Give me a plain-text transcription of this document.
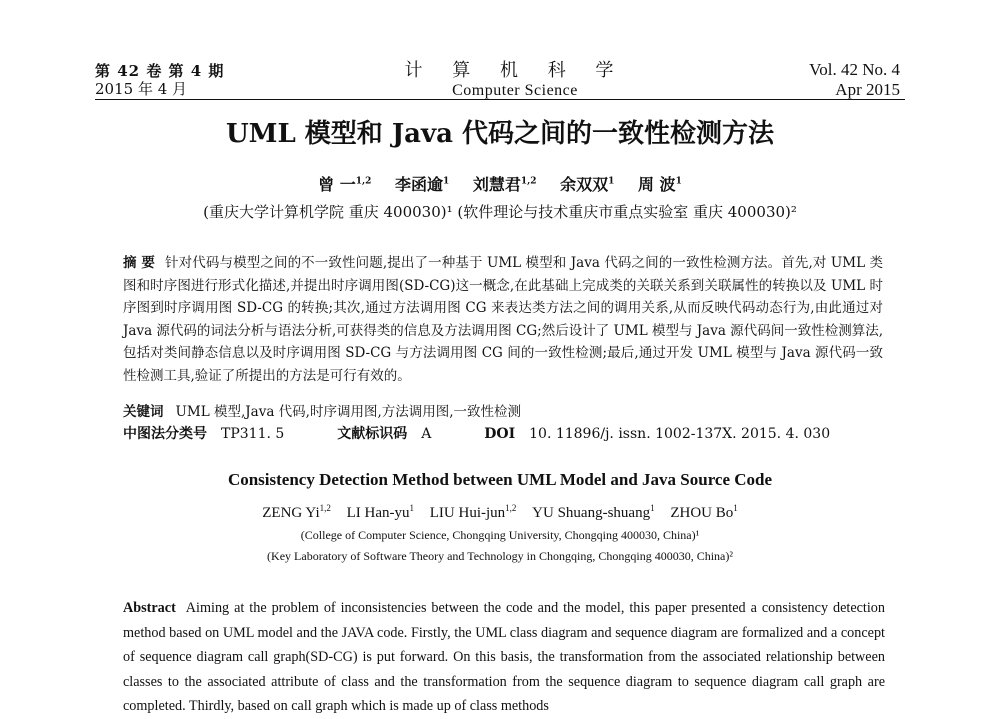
第 42 卷 第 4 期
2015 年 4 月
计 算 机 科 学
Computer Science
Vol. 42 No. 4
Apr 2015
UML 模型和 Java 代码之间的一致性检测方法
曾 一$^{1,2}$ 李函逾$^1$ 刘慧君$^{1,2}$ 余双双$^1$ 周 波$^1$
(重庆大学计算机学院 重庆 400030)¹ (软件理论与技术重庆市重点实验室 重庆 400030)²
摘 要 针对代码与模型之间的不一致性问题,提出了一种基于 UML 模型和 Java 代码之间的一致性检测方法。首先,对 UML 类图和时序图进行形式化描述,并提出时序调用图(SD-CG)这一概念,在此基础上完成类的关联关系到关联属性的转换以及 UML 时序图到时序调用图 SD-CG 的转换;其次,通过方法调用图 CG 来表达类方法之间的调用关系,从而反映代码动态行为,由此通过对 Java 源代码的词法分析与语法分析,可获得类的信息及方法调用图 CG;然后设计了 UML 模型与 Java 源代码间一致性检测算法,包括对类间静态信息以及时序调用图 SD-CG 与方法调用图 CG 间的一致性检测;最后,通过开发 UML 模型与 Java 源代码一致性检测工具,验证了所提出的方法是可行有效的。
关键词 UML 模型,Java 代码,时序调用图,方法调用图,一致性检测
中图法分类号 TP311. 5	文献标识码 A	DOI 10. 11896/j. issn. 1002-137X. 2015. 4. 030
Consistency Detection Method between UML Model and Java Source Code
ZENG Yi$^{1,2}$ LI Han-$yu^1$ LIU Hui-jun$^{1,2}$ YU Shuang-shuang$^1$ ZHOU Bo$^1$
(College of Computer Science, Chongqing University, Chongqing 400030, China)¹
(Key Laboratory of Software Theory and Technology in Chongqing, Chongqing 400030, China)²
Abstract Aiming at the problem of inconsistencies between the code and the model, this paper presented a consistency detection method based on UML model and the JAVA code. Firstly, the UML class diagram and sequence diagram are formalized and a concept of sequence diagram call graph(SD-CG) is put forward. On this basis, the transformation from the associated relationship between classes to the associated attribute of class and the transformation from the sequence diagram to sequence diagram call graph are completed. Thirdly, based on call graph which is made up of class methods
